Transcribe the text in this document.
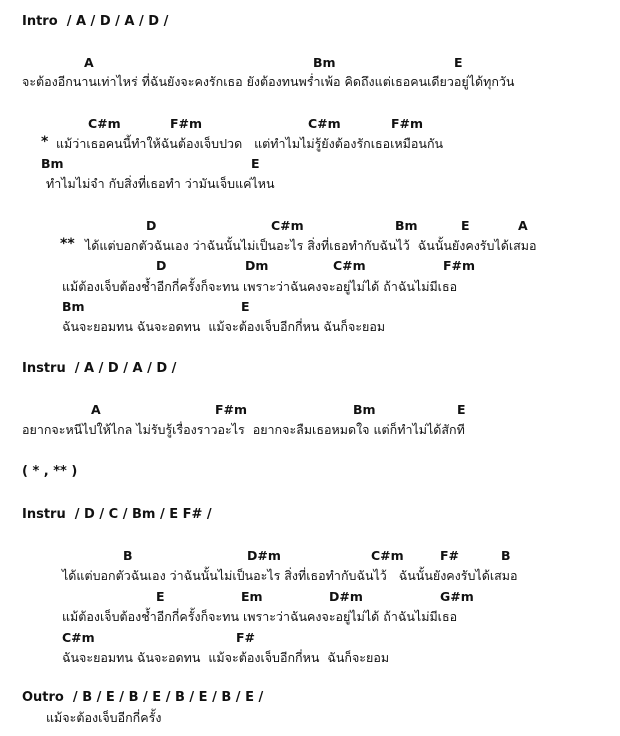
Intro  / A / D / A / D /
A	Bm	E
จะต้องอีกนานเท่าไหร่ ที่ฉันยังจะคงรักเธอ ยังต้องทนพร่ำเพ้อ คิดถึงแต่เธอคนเดียวอยู่ได้ทุกวัน
C#m	F#m	C#m	F#m
* แม้ว่าเธอคนนี้ทำให้ฉันต้องเจ็บปวด   แต่ทำไมไม่รู้ยังต้องรักเธอเหมือนกัน
Bm	E
ทำไมไม่จำ กับสิ่งที่เธอทำ ว่ามันเจ็บแค่ไหน
D	C#m	Bm	E	A
** ได้แต่บอกตัวฉันเอง ว่าฉันนั้นไม่เป็นอะไร สิ่งที่เธอทำกับฉันไว้  ฉันนั้นยังคงรับได้เสมอ
D	Dm	C#m	F#m
แม้ต้องเจ็บต้องช้ำอีกกี่ครั้งก็จะทน เพราะว่าฉันคงจะอยู่ไม่ได้ ถ้าฉันไม่มีเธอ
Bm	E
ฉันจะยอมทน ฉันจะอดทน  แม้จะต้องเจ็บอีกกี่หน ฉันก็จะยอม
Instru  / A / D / A / D /
A	F#m	Bm	E
อยากจะหนีไปให้ไกล ไม่รับรู้เรื่องราวอะไร  อยากจะลืมเธอหมดใจ แต่ก็ทำไม่ได้สักที
( * , ** )
Instru  / D / C / Bm / E F# /
B	D#m	C#m	F#	B
ได้แต่บอกตัวฉันเอง ว่าฉันนั้นไม่เป็นอะไร สิ่งที่เธอทำกับฉันไว้   ฉันนั้นยังคงรับได้เสมอ
E	Em	D#m	G#m
แม้ต้องเจ็บต้องช้ำอีกกี่ครั้งก็จะทน เพราะว่าฉันคงจะอยู่ไม่ได้ ถ้าฉันไม่มีเธอ
C#m	F#
ฉันจะยอมทน ฉันจะอดทน  แม้จะต้องเจ็บอีกกี่หน  ฉันก็จะยอม
Outro  / B / E / B / E / B / E / B / E /
แม้จะต้องเจ็บอีกกี่ครั้ง
